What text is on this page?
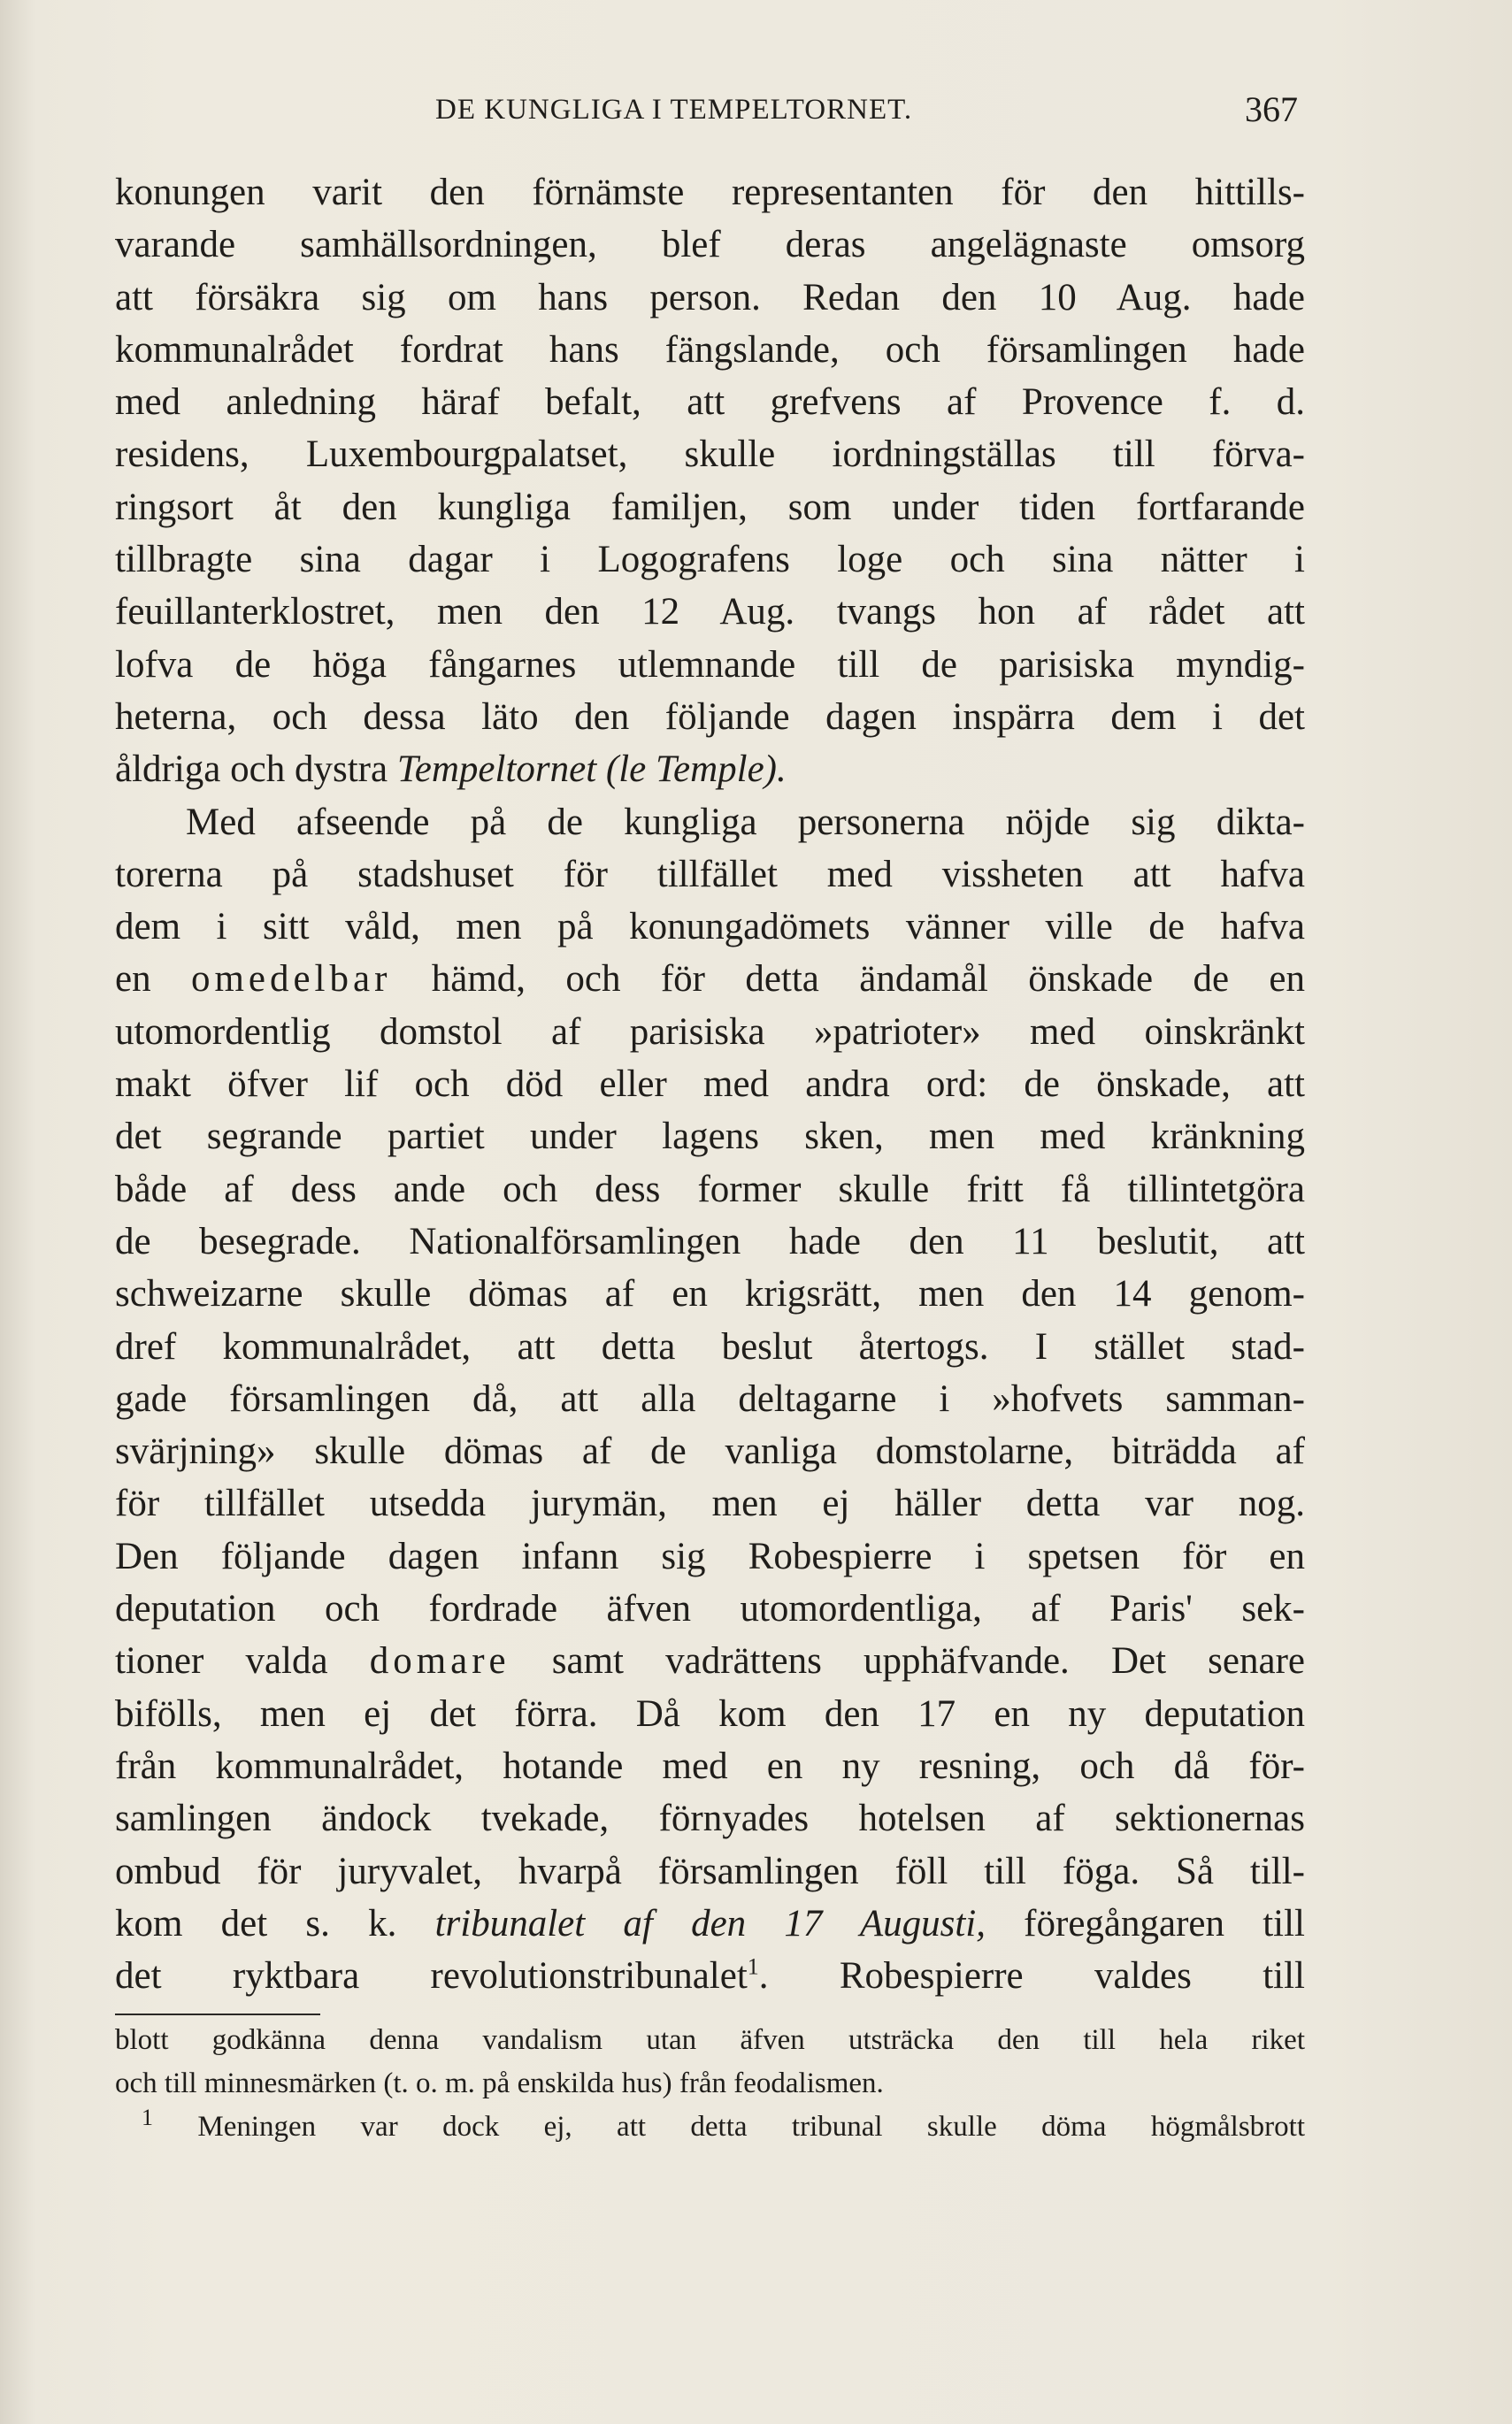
DE KUNGLIGA I TEMPELTORNET.	367
konungen varit den förnämste representanten för den hittills-
varande samhällsordningen, blef deras angelägnaste omsorg
att försäkra sig om hans person. Redan den 10 Aug. hade
kommunalrådet fordrat hans fängslande, och församlingen hade
med anledning häraf befalt, att grefvens af Provence f. d.
residens, Luxembourgpalatset, skulle iordningställas till förva-
ringsort åt den kungliga familjen, som under tiden fortfarande
tillbragte sina dagar i Logografens loge och sina nätter i
feuillanterklostret, men den 12 Aug. tvangs hon af rådet att
lofva de höga fångarnes utlemnande till de parisiska myndig-
heterna, och dessa läto den följande dagen inspärra dem i det
åldriga och dystra Tempeltornet (le Temple).
Med afseende på de kungliga personerna nöjde sig dikta-
torerna på stadshuset för tillfället med vissheten att hafva
dem i sitt våld, men på konungadömets vänner ville de hafva
en omedelbar hämd, och för detta ändamål önskade de en
utomordentlig domstol af parisiska »patrioter» med oinskränkt
makt öfver lif och död eller med andra ord: de önskade, att
det segrande partiet under lagens sken, men med kränkning
både af dess ande och dess former skulle fritt få tillintetgöra
de besegrade. Nationalförsamlingen hade den 11 beslutit, att
schweizarne skulle dömas af en krigsrätt, men den 14 genom-
dref kommunalrådet, att detta beslut återtogs. I stället stad-
gade församlingen då, att alla deltagarne i »hofvets samman-
svärjning» skulle dömas af de vanliga domstolarne, biträdda af
för tillfället utsedda jurymän, men ej häller detta var nog.
Den följande dagen infann sig Robespierre i spetsen för en
deputation och fordrade äfven utomordentliga, af Paris' sek-
tioner valda domare samt vadrättens upphäfvande. Det senare
bifölls, men ej det förra. Då kom den 17 en ny deputation
från kommunalrådet, hotande med en ny resning, och då för-
samlingen ändock tvekade, förnyades hotelsen af sektionernas
ombud för juryvalet, hvarpå församlingen föll till föga. Så till-
kom det s. k. tribunalet af den 17 Augusti, föregångaren till
det ryktbara revolutionstribunalet$^1$. Robespierre valdes till
blott godkänna denna vandalism utan äfven utsträcka den till hela riket
och till minnesmärken (t. o. m. på enskilda hus) från feodalismen.
$^1$ Meningen var dock ej, att detta tribunal skulle döma högmålsbrott
